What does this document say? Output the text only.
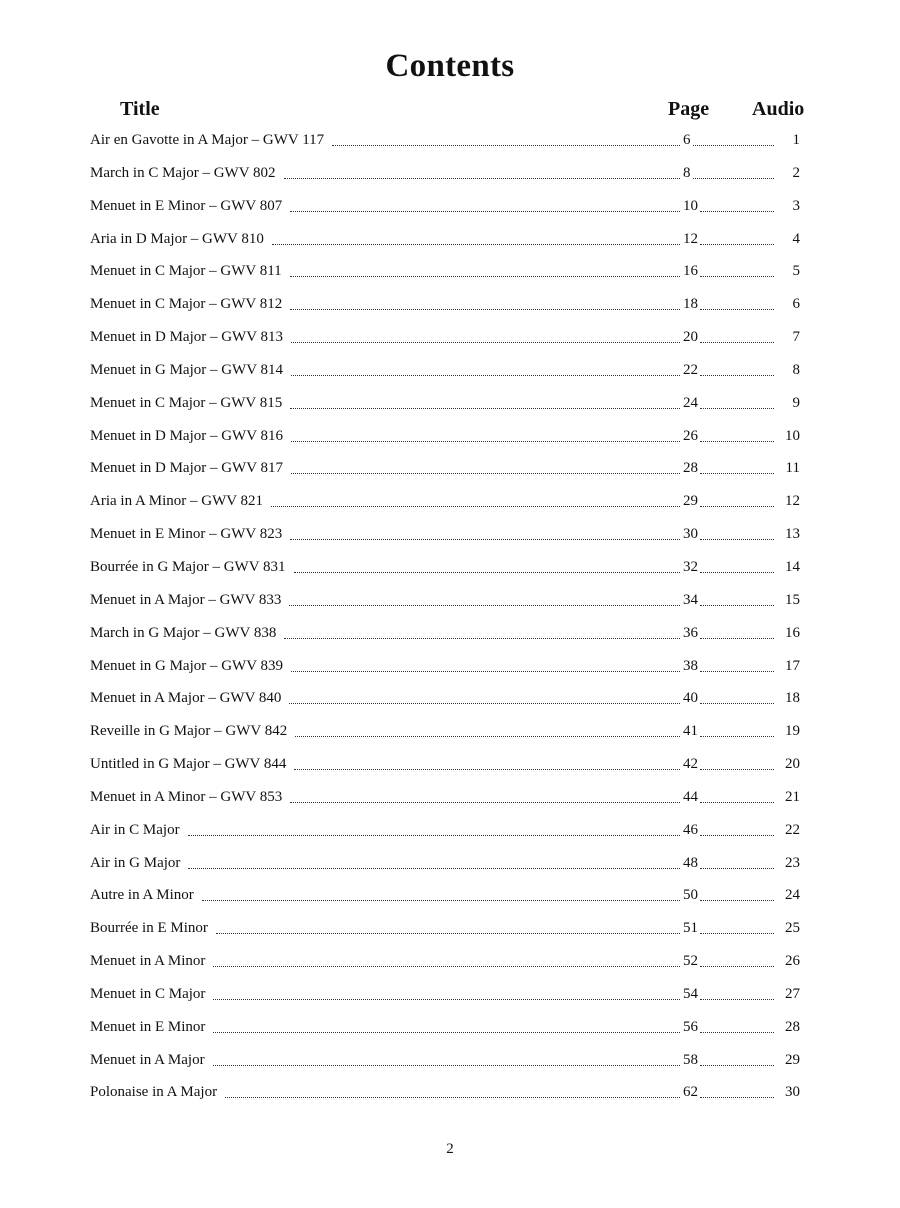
Contents
Title	Page Audio
Air en Gavotte in A Major – GWV 117	6	1
March in C Major – GWV 802	8	2
Menuet in E Minor – GWV 807	10	3
Aria in D Major – GWV 810	12	4
Menuet in C Major – GWV 811	16	5
Menuet in C Major – GWV 812	18	6
Menuet in D Major – GWV 813	20	7
Menuet in G Major – GWV 814	22	8
Menuet in C Major – GWV 815	24	9
Menuet in D Major – GWV 816	26	10
Menuet in D Major – GWV 817	28	11
Aria in A Minor – GWV 821	29	12
Menuet in E Minor – GWV 823	30	13
Bourrée in G Major – GWV 831	32	14
Menuet in A Major – GWV 833	34	15
March in G Major – GWV 838	36	16
Menuet in G Major – GWV 839	38	17
Menuet in A Major – GWV 840	40	18
Reveille in G Major – GWV 842	41	19
Untitled in G Major – GWV 844	42	20
Menuet in A Minor – GWV 853	44	21
Air in C Major	46	22
Air in G Major	48	23
Autre in A Minor	50	24
Bourrée in E Minor	51	25
Menuet in A Minor	52	26
Menuet in C Major	54	27
Menuet in E Minor	56	28
Menuet in A Major	58	29
Polonaise in A Major	62	30
2
